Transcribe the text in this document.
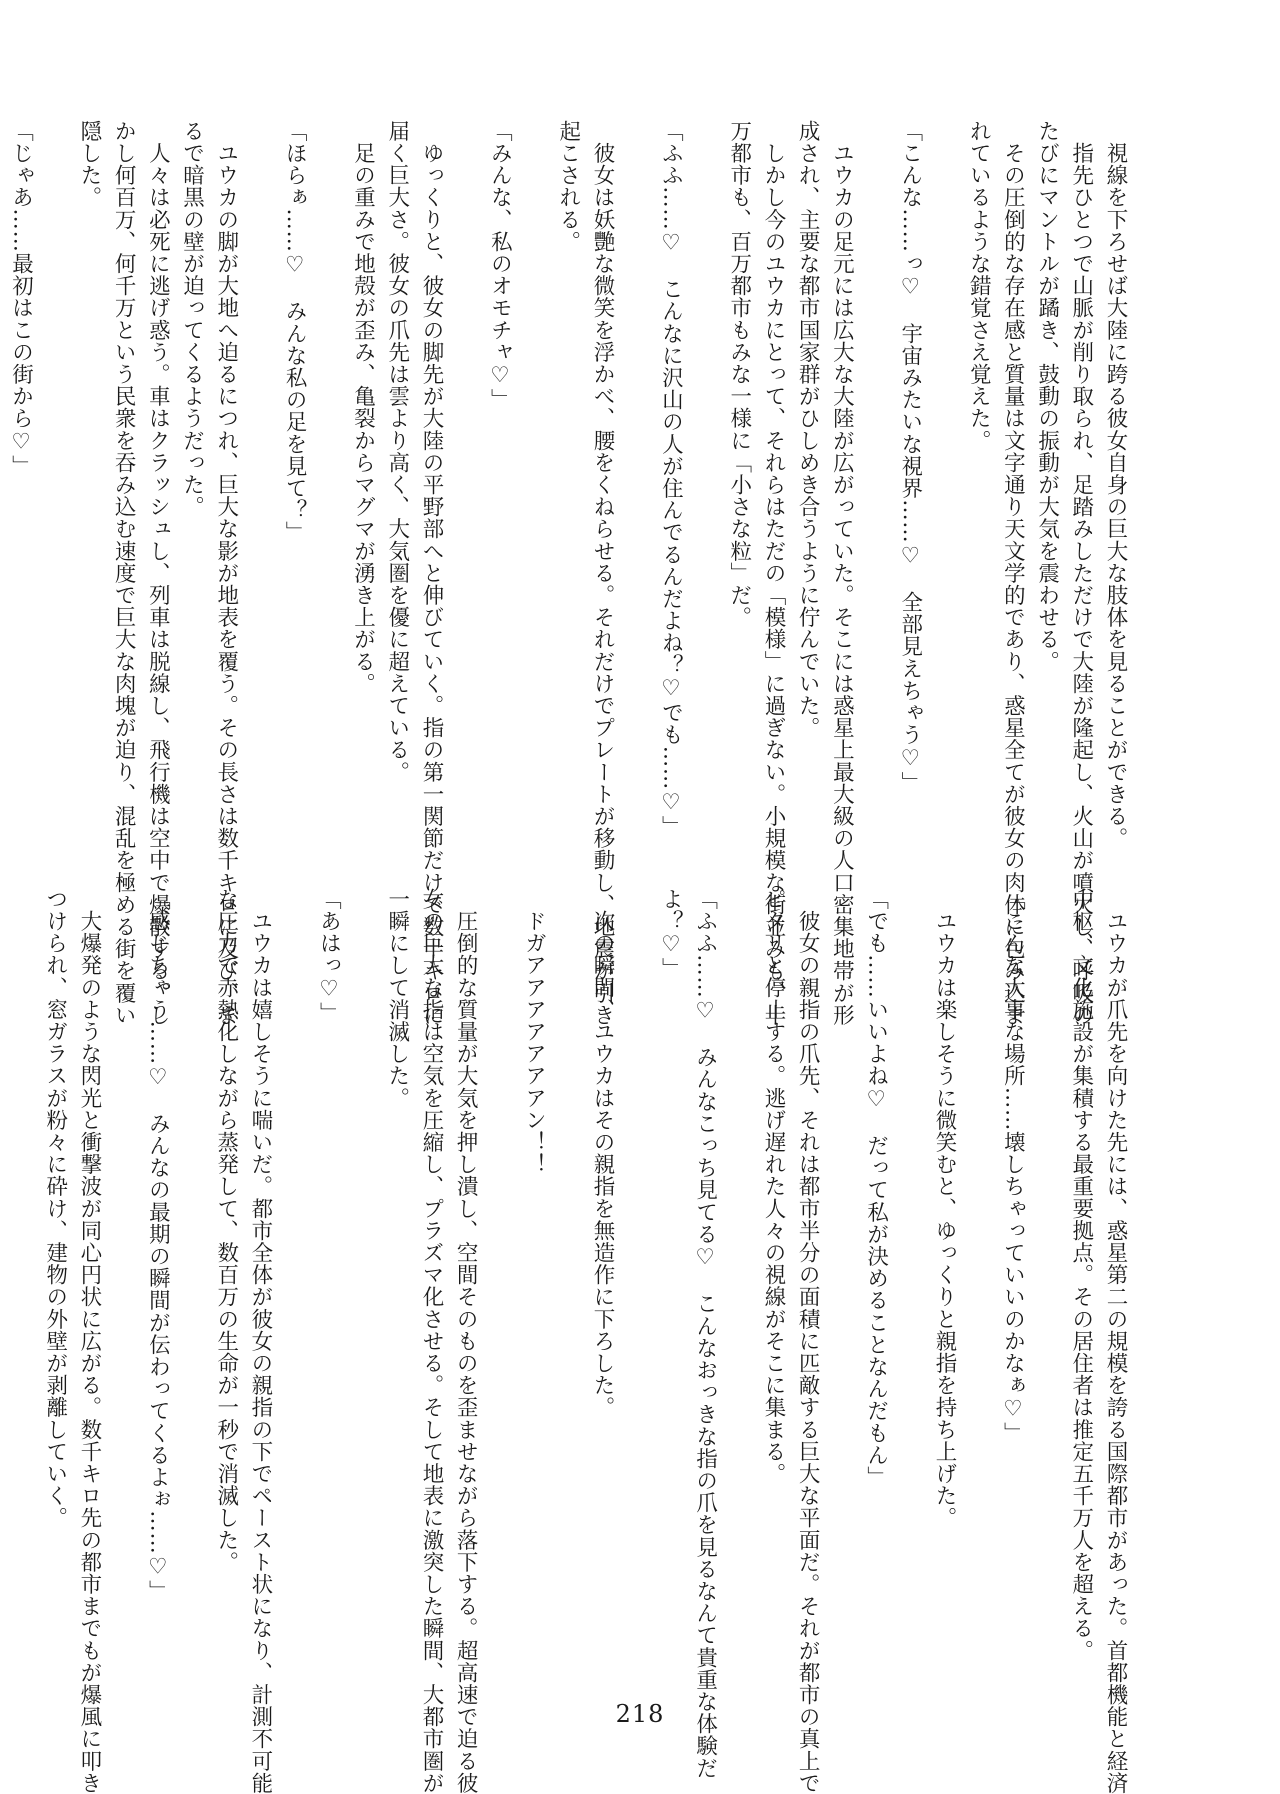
　視線を下ろせば大陸に跨る彼女自身の巨大な肢体を見ることができる。
　指先ひとつで山脈が削り取られ、足踏みしただけで大陸が隆起し、火山が噴火し、呼吸の
たびにマントルが蹫き、鼓動の振動が大気を震わせる。
　その圧倒的な存在感と質量は文字通り天文学的であり、惑星全てが彼女の肉体に包み込ま
れているような錯覚さえ覚えた。

「こんな……っ♡　宇宙みたいな視界……♡　全部見えちゃう♡」

　ユウカの足元には広大な大陸が広がっていた。そこには惑星上最大級の人口密集地帯が形
成され、主要な都市国家群がひしめき合うように佇んでいた。
　しかし今のユウカにとって、それらはただの「模様」に過ぎない。小規模な街並みも、十
万都市も、百万都市もみな一様に「小さな粒」だ。

「ふふ……♡　こんなに沢山の人が住んでるんだよね？♡でも……♡」

　彼女は妖艷な微笑を浮かべ、腰をくねらせる。それだけでプレートが移動し、地震が引き
起こされる。

「みんな、私のオモチャ♡」

　ゆっくりと、彼女の脚先が大陸の平野部へと伸びていく。指の第一関節だけで数十キロに
届く巨大さ。彼女の爪先は雲より高く、大気圏を優に超えている。
　足の重みで地殻が歪み、亀裂からマグマが湧き上がる。

「ほらぁ……♡　みんな私の足を見て？」

　ユウカの脚が大地へ迫るにつれ、巨大な影が地表を覆う。その長さは数千キロに及び、ま
るで暗黒の壁が迫ってくるようだった。
　人々は必死に逃げ惑う。車はクラッシュし、列車は脱線し、飛行機は空中で爆散する。し
かし何百万、何千万という民衆を吞み込む速度で巨大な肉塊が迫り、混乱を極める街を覆い
隠した。

「じゃあ……最初はこの街から♡」
　ユウカが爪先を向けた先には、惑星第二の規模を誇る国際都市があった。首都機能と経済
中枢、文化施設が集積する最重要拠点。その居住者は推定五千万人を超える。

「こんな大事な場所……壊しちゃっていいのかなぁ♡」

　ユウカは楽しそうに微笑むと、ゆっくりと親指を持ち上げた。

「でも……いいよね♡　だって私が決めることなんだもん」

　彼女の親指の爪先、それは都市半分の面積に匹敵する巨大な平面だ。それが都市の真上で
ピタリと停止する。逃げ遅れた人々の視線がそこに集まる。

「ふふ……♡　みんなこっち見てる♡　こんなおっきな指の爪を見るなんて貴重な体験だ
よ？♡」

　次の瞬間、ユウカはその親指を無造作に下ろした。

　ドガアアアアアアアン！！

　圧倒的な質量が大気を押し潰し、空間そのものを歪ませながら落下する。超高速で迫る彼
女の巨大な指は空気を圧縮し、プラズマ化させる。そして地表に激突した瞬間、大都市圏が
一瞬にして消滅した。

「あはっ♡」

　ユウカは嬉しそうに喘いだ。都市全体が彼女の親指の下でペースト状になり、計測不可能
な圧力で赤熱化しながら蒸発して、数百万の生命が一秒で消滅した。

「感じちゃう……♡　みんなの最期の瞬間が伝わってくるよぉ……♡」

　大爆発のような閃光と衝撃波が同心円状に広がる。数千キロ先の都市までもが爆風に叩き
つけられ、窓ガラスが粉々に砕け、建物の外壁が剥離していく。
218
